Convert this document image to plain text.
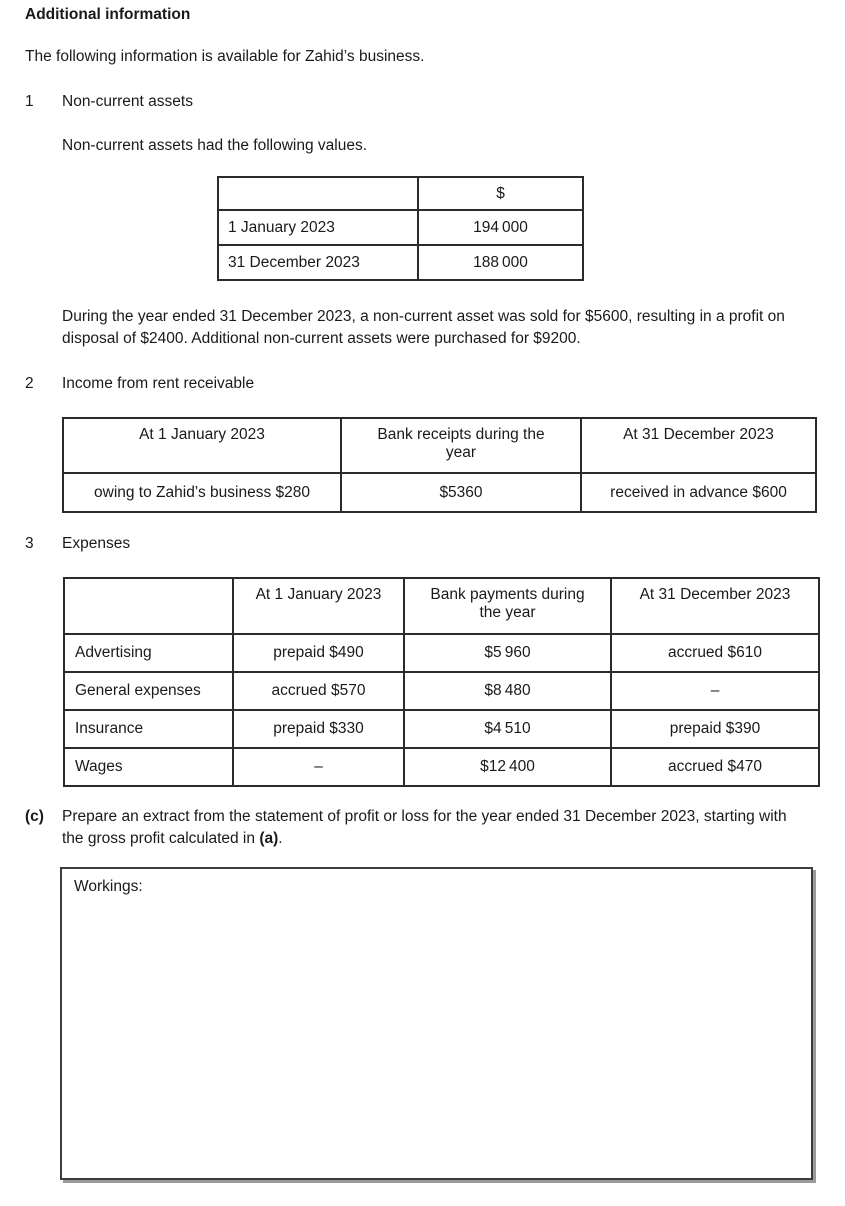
Additional information
The following information is available for Zahid’s business.
1	Non-current assets
Non-current assets had the following values.
	$
1 January 2023	194 000
31 December 2023	188 000
During the year ended 31 December 2023, a non-current asset was sold for $5600, resulting in a profit on disposal of $2400. Additional non-current assets were purchased for $9200.
2	Income from rent receivable
At 1 January 2023	Bank receipts during the year	At 31 December 2023
owing to Zahid’s business $280	$5360	received in advance $600
3	Expenses
	At 1 January 2023	Bank payments during the year	At 31 December 2023
Advertising	prepaid $490	$5 960	accrued $610
General expenses	accrued $570	$8 480	–
Insurance	prepaid $330	$4 510	prepaid $390
Wages	–	$12 400	accrued $470
(c)	Prepare an extract from the statement of profit or loss for the year ended 31 December 2023, starting with the gross profit calculated in (a).
Workings:
